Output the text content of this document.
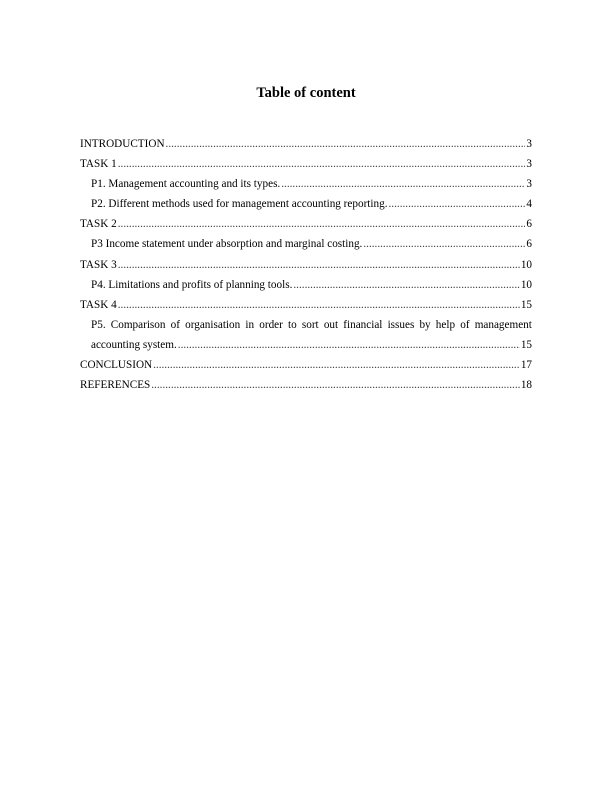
Table of content
INTRODUCTION .....	3
TASK 1 .....	3
P1. Management accounting and its types. .....	3
P2. Different methods used for management accounting reporting. .....	4
TASK 2 .....	6
P3 Income statement under absorption and marginal costing. .....	6
TASK 3 .....	10
P4. Limitations and profits of planning tools. .....	10
TASK 4 .....	15
P5. Comparison of organisation in order to sort out financial issues by help of management
accounting system. .....	15
CONCLUSION .....	17
REFERENCES .....	18
